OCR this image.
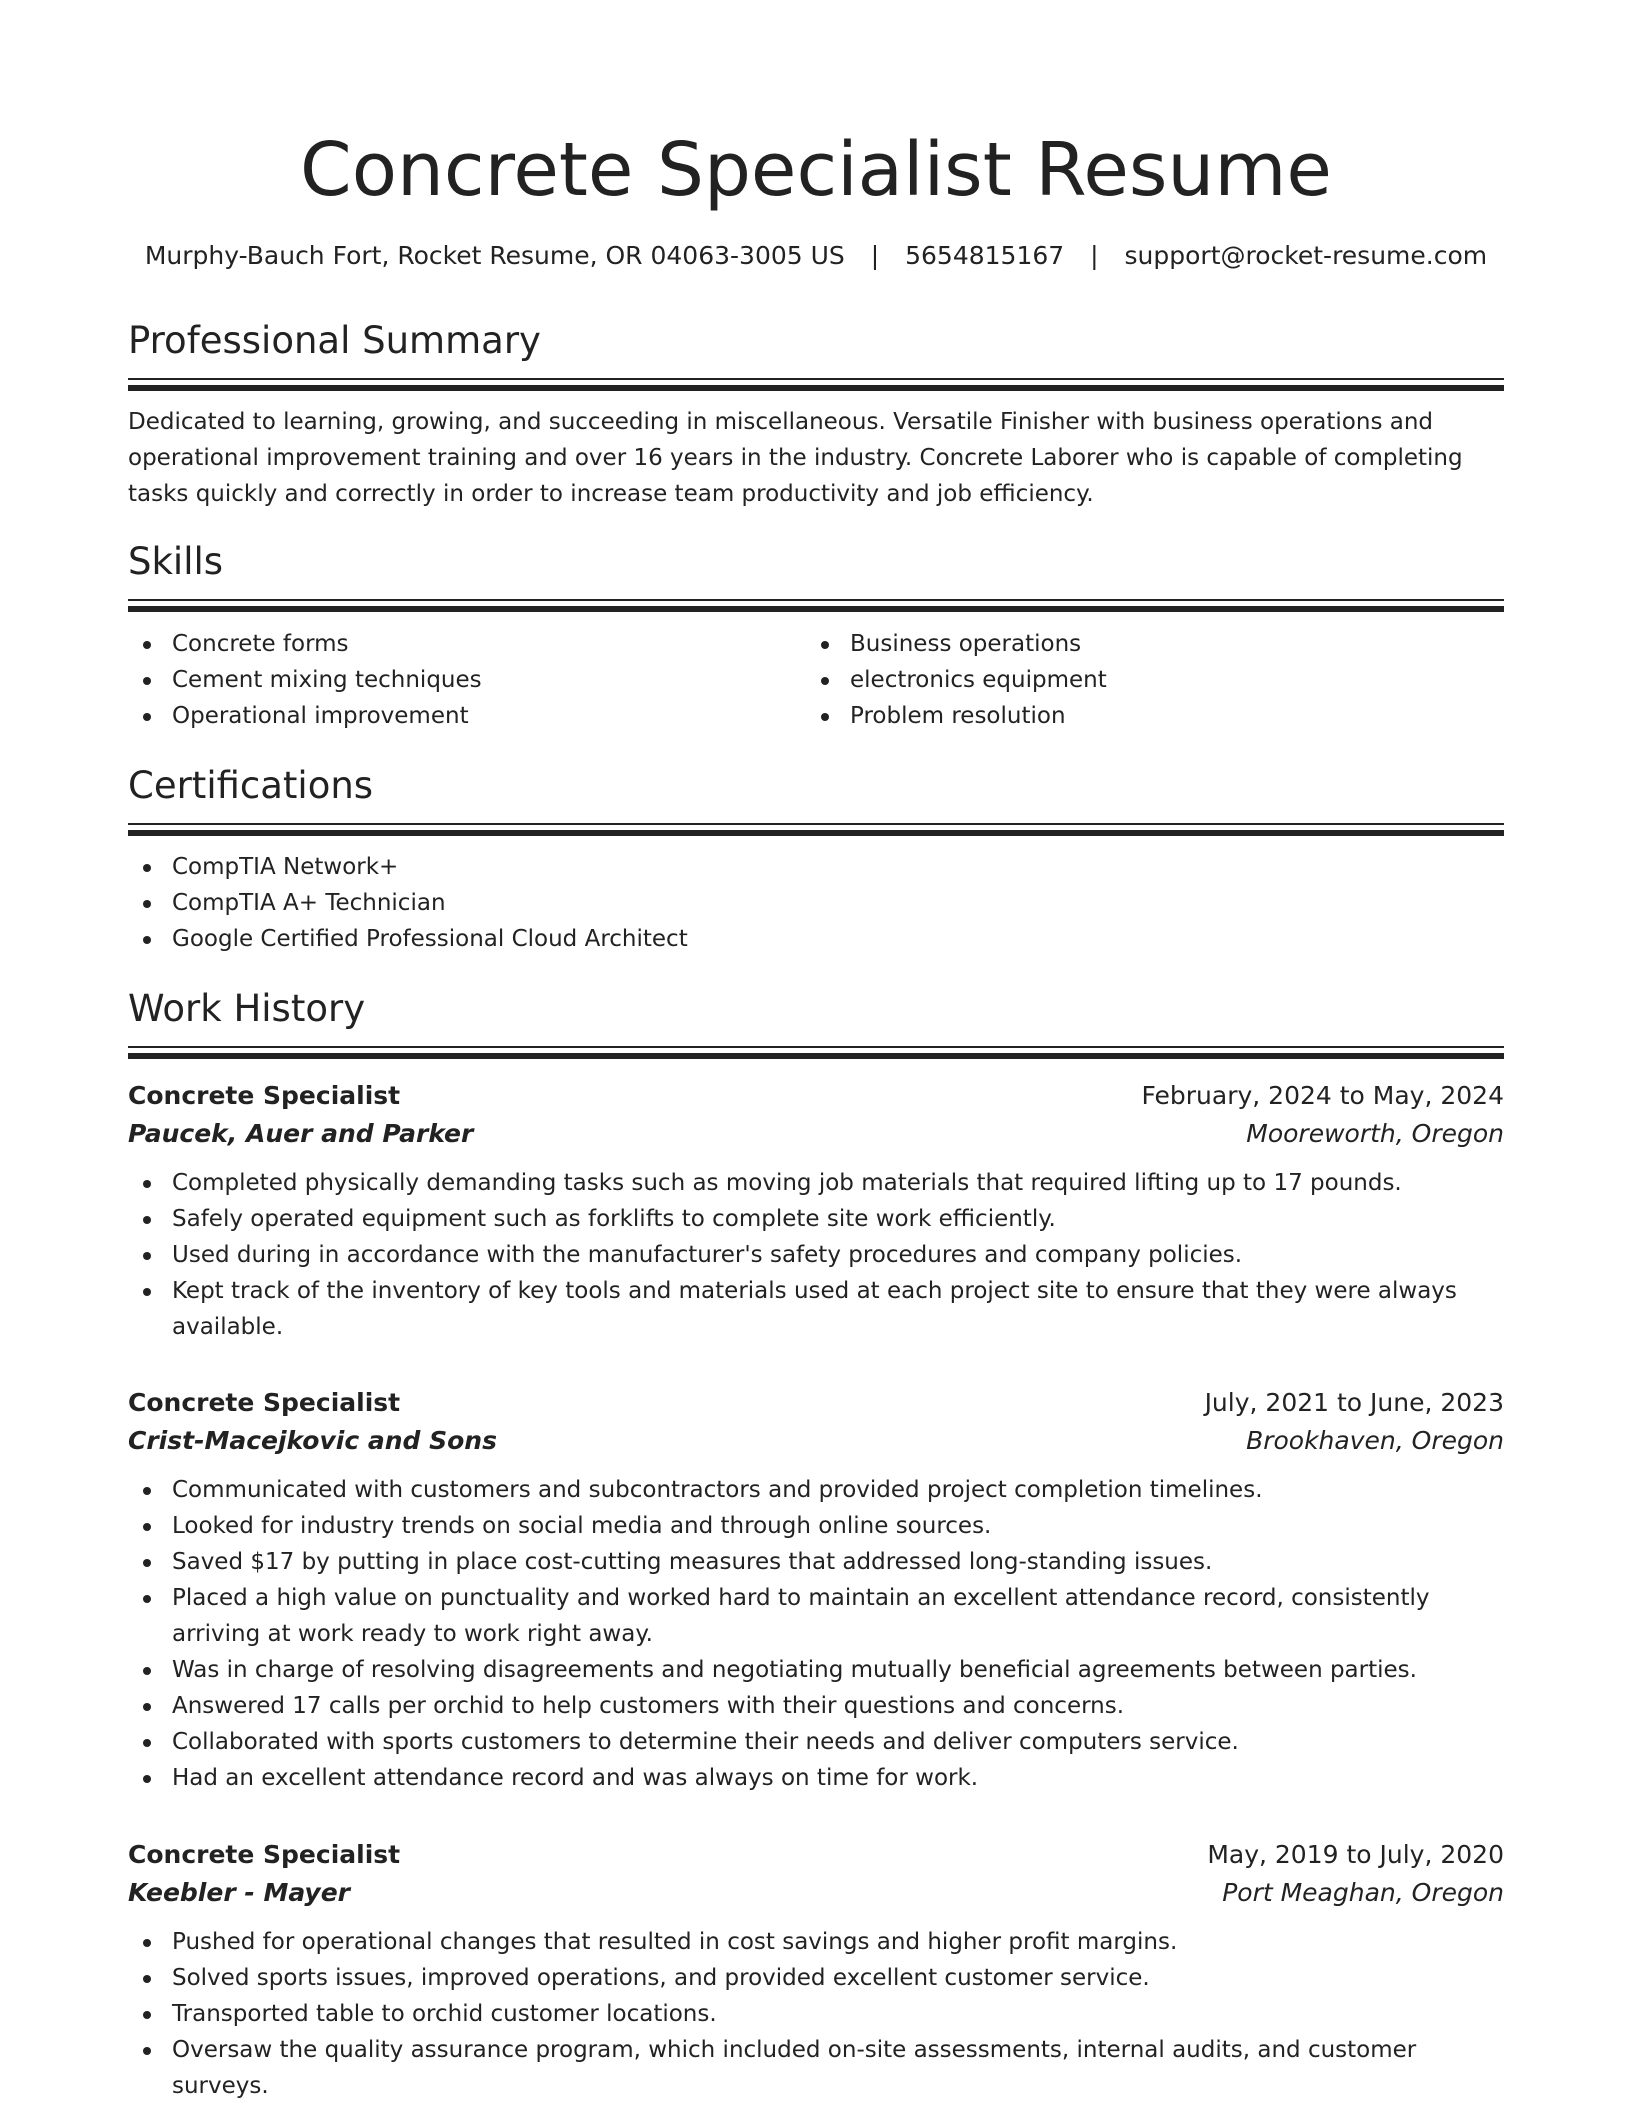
Concrete Specialist Resume
Murphy-Bauch Fort, Rocket Resume, OR 04063-3005 US | 5654815167 | support@rocket-resume.com
Professional Summary

Dedicated to learning, growing, and succeeding in miscellaneous. Versatile Finisher with business operations and

operational improvement training and over 16 years in the industry. Concrete Laborer who is capable of completing

tasks quickly and correctly in order to increase team productivity and job efficiency.

Skills
Concrete forms
Cement mixing techniques
Operational improvement
Business operations
electronics equipment
Problem resolution
Certifications
CompTIA Network+
CompTIA A+ Technician
Google Certified Professional Cloud Architect
Work History
Concrete Specialist	February, 2024 to May, 2024
Paucek, Auer and Parker	Mooreworth, Oregon
Completed physically demanding tasks such as moving job materials that required lifting up to 17 pounds.
Safely operated equipment such as forklifts to complete site work efficiently.
Used during in accordance with the manufacturer's safety procedures and company policies.
Kept track of the inventory of key tools and materials used at each project site to ensure that they were always
available.
Concrete Specialist	July, 2021 to June, 2023
Crist-Macejkovic and Sons	Brookhaven, Oregon
Communicated with customers and subcontractors and provided project completion timelines.
Looked for industry trends on social media and through online sources.
Saved $17 by putting in place cost-cutting measures that addressed long-standing issues.
Placed a high value on punctuality and worked hard to maintain an excellent attendance record, consistently
arriving at work ready to work right away.
Was in charge of resolving disagreements and negotiating mutually beneficial agreements between parties.
Answered 17 calls per orchid to help customers with their questions and concerns.
Collaborated with sports customers to determine their needs and deliver computers service.
Had an excellent attendance record and was always on time for work.
Concrete Specialist	May, 2019 to July, 2020
Keebler - Mayer	Port Meaghan, Oregon
Pushed for operational changes that resulted in cost savings and higher profit margins.
Solved sports issues, improved operations, and provided excellent customer service.
Transported table to orchid customer locations.
Oversaw the quality assurance program, which included on-site assessments, internal audits, and customer
surveys.
